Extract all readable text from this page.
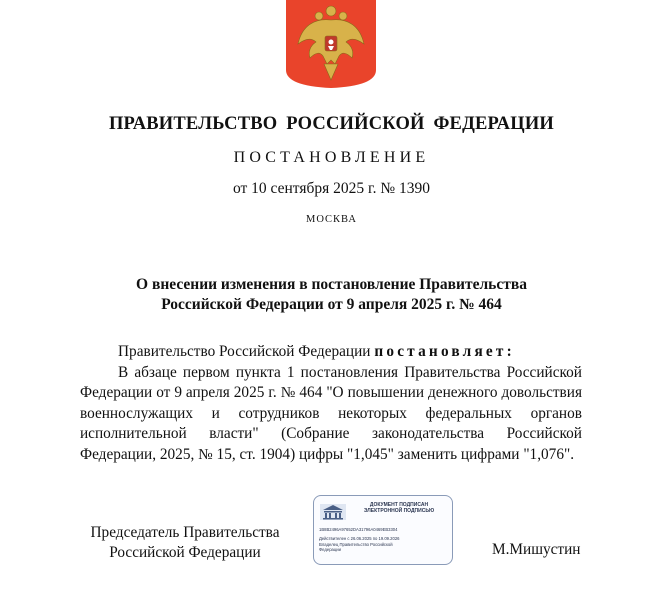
ПРАВИТЕЛЬСТВО РОССИЙСКОЙ ФЕДЕРАЦИИ
ПОСТАНОВЛЕНИЕ
от 10 сентября 2025 г. № 1390
МОСКВА
О внесении изменения в постановление Правительства
Российской Федерации от 9 апреля 2025 г. № 464

Правительство Российской Федерации постановляет:

В абзаце первом пункта 1 постановления Правительства Российской Федерации от 9 апреля 2025 г. № 464 "О повышении денежного довольствия военнослужащих и сотрудников некоторых федеральных органов исполнительной власти" (Собрание законодательства Российской Федерации, 2025, № 15, ст. 1904) цифры "1,045" заменить цифрами "1,076".

Председатель Правительства
Российской Федерации
ДОКУМЕНТ ПОДПИСАН
ЭЛЕКТРОННОЙ ПОДПИСЬЮ
1B8B2496A97652DA31796A0469EB3304
Действителен с 26.06.2025 по 19.09.2026
Владелец Правительство Российской
Федерации	М.Мишустин
